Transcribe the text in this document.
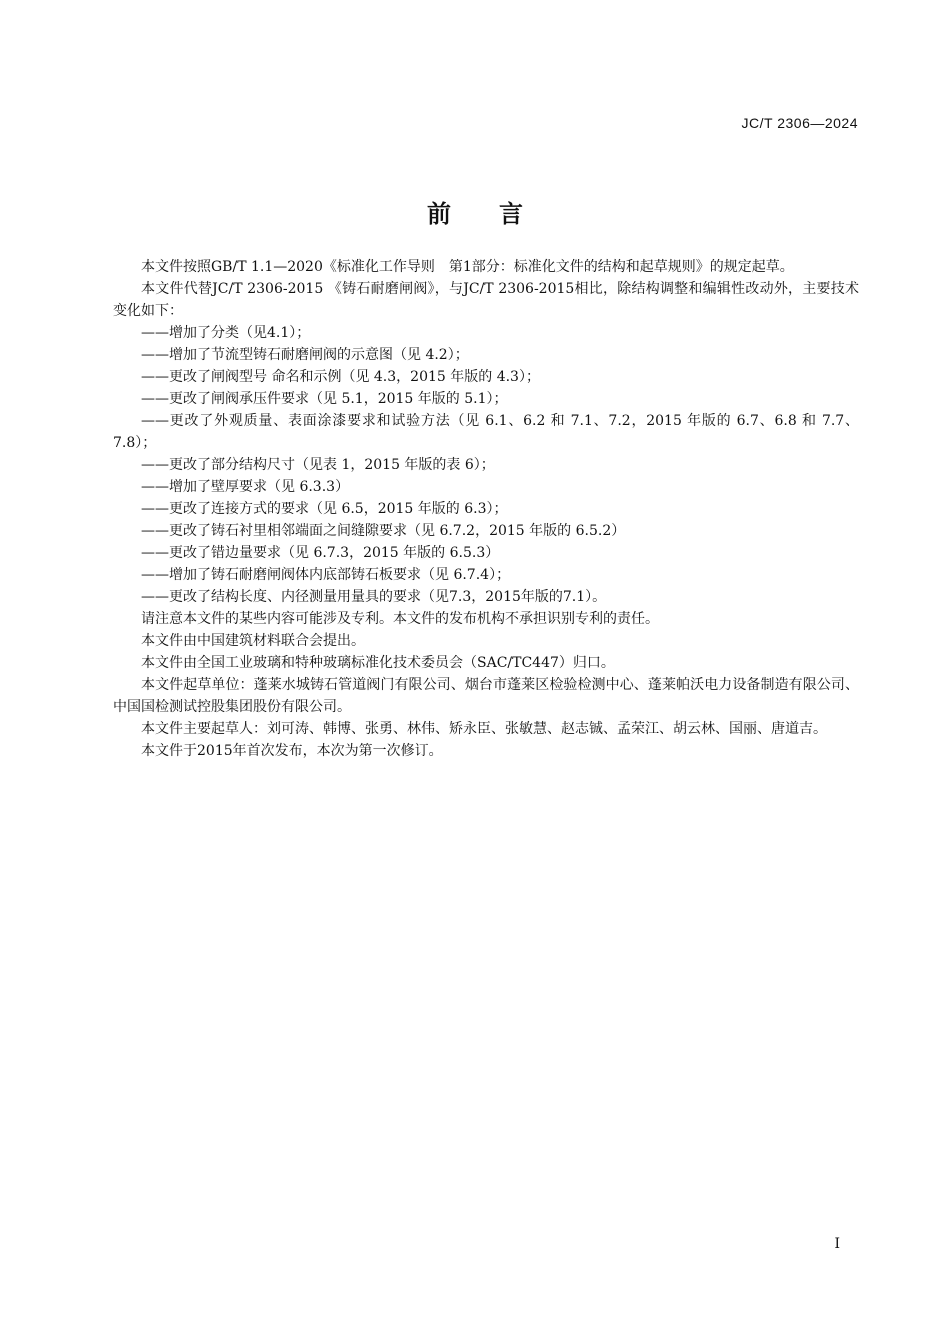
JC/T 2306—2024
前言

本文件按照GB/T 1.1—2020《标准化工作导则　第1部分：标准化文件的结构和起草规则》的规定起草。

本文件代替JC/T 2306-2015 《铸石耐磨闸阀》，与JC/T 2306-2015相比，除结构调整和编辑性改动外，主要技术变化如下：

——增加了分类（见4.1）；

——增加了节流型铸石耐磨闸阀的示意图（见 4.2）；

——更改了闸阀型号 命名和示例（见 4.3，2015 年版的 4.3）；

——更改了闸阀承压件要求（见 5.1，2015 年版的 5.1）；

——更改了外观质量、表面涂漆要求和试验方法（见 6.1、6.2 和 7.1、7.2，2015 年版的 6.7、6.8 和 7.7、7.8）；

——更改了部分结构尺寸（见表 1，2015 年版的表 6）；

——增加了壁厚要求（见 6.3.3）

——更改了连接方式的要求（见 6.5，2015 年版的 6.3）；

——更改了铸石衬里相邻端面之间缝隙要求（见 6.7.2，2015 年版的 6.5.2）

——更改了错边量要求（见 6.7.3，2015 年版的 6.5.3）

——增加了铸石耐磨闸阀体内底部铸石板要求（见 6.7.4）；

——更改了结构长度、内径测量用量具的要求（见7.3，2015年版的7.1）。

请注意本文件的某些内容可能涉及专利。本文件的发布机构不承担识别专利的责任。

本文件由中国建筑材料联合会提出。

本文件由全国工业玻璃和特种玻璃标准化技术委员会（SAC/TC447）归口。

本文件起草单位：蓬莱水城铸石管道阀门有限公司、烟台市蓬莱区检验检测中心、蓬莱帕沃电力设备制造有限公司、中国国检测试控股集团股份有限公司。

本文件主要起草人：刘可涛、韩博、张勇、林伟、矫永臣、张敏慧、赵志铖、孟荣江、胡云林、国丽、唐道吉。

本文件于2015年首次发布，本次为第一次修订。

I
